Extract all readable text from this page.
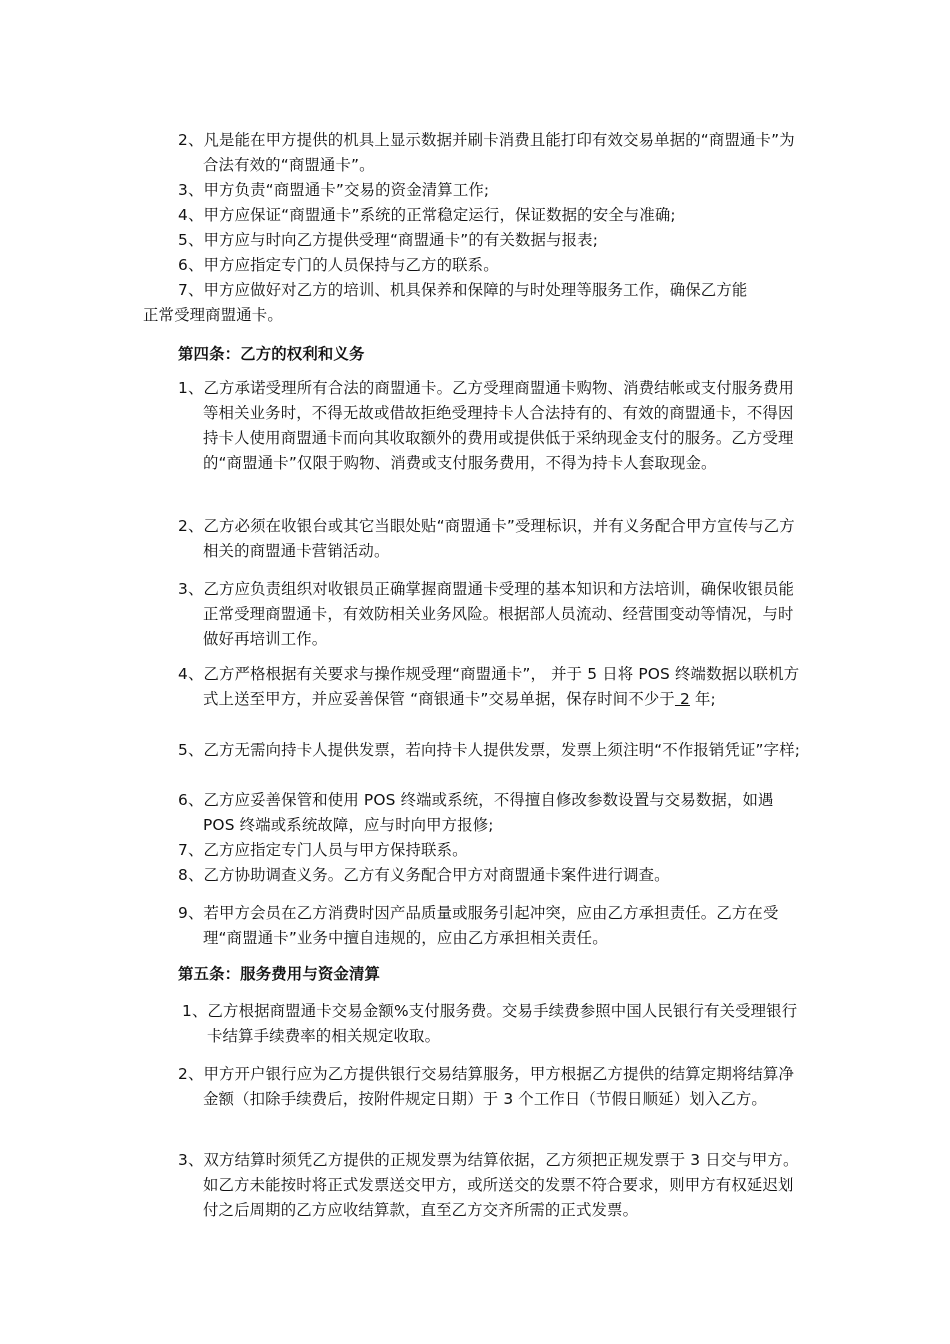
2、凡是能在甲方提供的机具上显示数据并刷卡消费且能打印有效交易单据的“商盟通卡”为合法有效的“商盟通卡”。

3、甲方负责“商盟通卡”交易的资金清算工作;

4、甲方应保证“商盟通卡”系统的正常稳定运行，保证数据的安全与准确;

5、甲方应与时向乙方提供受理“商盟通卡”的有关数据与报表;

6、甲方应指定专门的人员保持与乙方的联系。

7、甲方应做好对乙方的培训、机具保养和保障的与时处理等服务工作，确保乙方能

正常受理商盟通卡。

第四条：乙方的权利和义务

1、乙方承诺受理所有合法的商盟通卡。乙方受理商盟通卡购物、消费结帐或支付服务费用等相关业务时，不得无故或借故拒绝受理持卡人合法持有的、有效的商盟通卡，不得因持卡人使用商盟通卡而向其收取额外的费用或提供低于采纳现金支付的服务。乙方受理的“商盟通卡”仅限于购物、消费或支付服务费用，不得为持卡人套取现金。

2、乙方必须在收银台或其它当眼处贴“商盟通卡”受理标识，并有义务配合甲方宣传与乙方相关的商盟通卡营销活动。

3、乙方应负责组织对收银员正确掌握商盟通卡受理的基本知识和方法培训，确保收银员能正常受理商盟通卡，有效防相关业务风险。根据部人员流动、经营围变动等情况，与时做好再培训工作。

4、乙方严格根据有关要求与操作规受理“商盟通卡”， 并于 5 日将 POS 终端数据以联机方式上送至甲方，并应妥善保管 “商银通卡”交易单据，保存时间不少于 2 年;

5、乙方无需向持卡人提供发票，若向持卡人提供发票，发票上须注明“不作报销凭证”字样;

6、乙方应妥善保管和使用 POS 终端或系统，不得擅自修改参数设置与交易数据，如遇 POS 终端或系统故障，应与时向甲方报修;

7、乙方应指定专门人员与甲方保持联系。

8、乙方协助调查义务。乙方有义务配合甲方对商盟通卡案件进行调查。

9、若甲方会员在乙方消费时因产品质量或服务引起冲突，应由乙方承担责任。乙方在受理“商盟通卡”业务中擅自违规的，应由乙方承担相关责任。

第五条：服务费用与资金清算

1、乙方根据商盟通卡交易金额%支付服务费。交易手续费参照中国人民银行有关受理银行卡结算手续费率的相关规定收取。

2、甲方开户银行应为乙方提供银行交易结算服务，甲方根据乙方提供的结算定期将结算净金额（扣除手续费后，按附件规定日期）于 3 个工作日（节假日顺延）划入乙方。

3、双方结算时须凭乙方提供的正规发票为结算依据，乙方须把正规发票于 3 日交与甲方。如乙方未能按时将正式发票送交甲方，或所送交的发票不符合要求，则甲方有权延迟划付之后周期的乙方应收结算款，直至乙方交齐所需的正式发票。
